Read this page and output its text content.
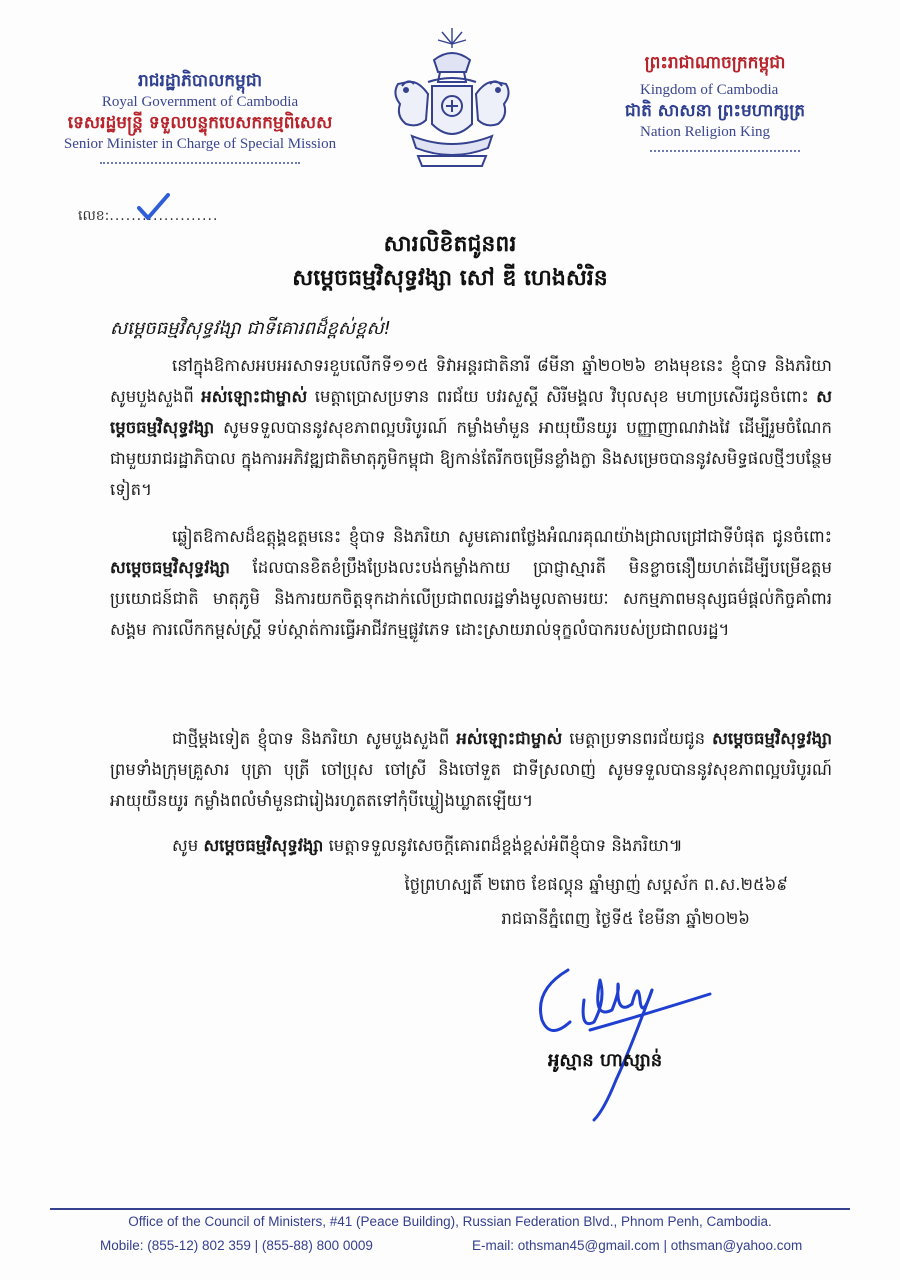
រាជរដ្ឋាភិបាលកម្ពុជា
Royal Government of Cambodia
ទេសរដ្ឋមន្ត្រី ទទួលបន្ទុកបេសកកម្មពិសេស
Senior Minister in Charge of Special Mission
ព្រះរាជាណាចក្រកម្ពុជា
Kingdom of Cambodia
ជាតិ សាសនា ព្រះមហាក្សត្រ
Nation Religion King
លេខ:....................
សារលិខិតជូនពរ
សម្តេចធម្មវិសុទ្ធវង្សា សៅ ឌី ហេងសំរិន
សម្តេចធម្មវិសុទ្ធវង្សា ជាទីគោរពដ៏ខ្ពស់ខ្ពស់!
នៅក្នុងឱកាសអបអរសាទរខួបលើកទី១១៥ ទិវាអន្តរជាតិនារី ៨មីនា ឆ្នាំ២០២៦ ខាងមុខនេះ ខ្ញុំបាទ និងភរិយា សូមបួងសួងពី អស់ឡោះជាម្ចាស់ មេត្តាប្រោសប្រទាន ពរជ័យ បវរសួស្តី សិរីមង្គល វិបុលសុខ មហាប្រសើរជូនចំពោះ សម្តេចធម្មវិសុទ្ធវង្សា សូមទទួលបាននូវសុខភាពល្អបរិបូរណ៍ កម្លាំងមាំមួន អាយុយឺនយូរ បញ្ញាញាណវាងវៃ ដើម្បីរួមចំណែកជាមួយរាជរដ្ឋាភិបាល ក្នុងការអភិវឌ្ឍជាតិមាតុភូមិកម្ពុជា ឱ្យកាន់តែរីកចម្រើនខ្លាំងក្លា និងសម្រេចបាននូវសមិទ្ធផលថ្មីៗបន្ថែមទៀត។
ឆ្លៀតឱកាសដ៏ឧត្តុង្គឧត្តមនេះ ខ្ញុំបាទ និងភរិយា សូមគោរពថ្លែងអំណរគុណយ៉ាងជ្រាលជ្រៅជាទីបំផុត ជូនចំពោះ សម្តេចធម្មវិសុទ្ធវង្សា ដែលបានខិតខំប្រឹងប្រែងលះបង់កម្លាំងកាយ ប្រាជ្ញាស្មារតី មិនខ្លាចនឿយហត់ដើម្បីបម្រើឧត្តមប្រយោជន៍ជាតិ មាតុភូមិ និងការយកចិត្តទុកដាក់លើប្រជាពលរដ្ឋទាំងមូលតាមរយៈ សកម្មភាពមនុស្សធម៌ផ្តល់កិច្ចគាំពារសង្គម ការលើកកម្ពស់ស្ត្រី ទប់ស្កាត់ការធ្វើអាជីវកម្មផ្លូវភេទ ដោះស្រាយរាល់ទុក្ខលំបាករបស់ប្រជាពលរដ្ឋ។
ជាថ្មីម្តងទៀត ខ្ញុំបាទ និងភរិយា សូមបួងសួងពី អស់ឡោះជាម្ចាស់ មេត្តាប្រទានពរជ័យជូន សម្តេចធម្មវិសុទ្ធវង្សា ព្រមទាំងក្រុមគ្រួសារ បុត្រា បុត្រី ចៅប្រុស ចៅស្រី និងចៅទួត ជាទីស្រលាញ់ សូមទទួលបាននូវសុខភាពល្អបរិបូរណ៍ អាយុយឺនយូរ កម្លាំងពលំមាំមួនជារៀងរហូតតទៅកុំបីឃ្លៀងឃ្លាតឡើយ។
សូម សម្តេចធម្មវិសុទ្ធវង្សា មេត្តាទទួលនូវសេចក្តីគោរពដ៏ខ្ពង់ខ្ពស់អំពីខ្ញុំបាទ និងភរិយា៕
ថ្ងៃព្រហស្បតិ៍ ២រោច ខែផល្គុន ឆ្នាំម្សាញ់ សប្តស័ក ព.ស.២៥៦៩
រាជធានីភ្នំពេញ ថ្ងៃទី៥ ខែមីនា ឆ្នាំ២០២៦
អូស្មាន ហាស្សាន់
Office of the Council of Ministers, #41 (Peace Building), Russian Federation Blvd., Phnom Penh, Cambodia.
Mobile: (855-12) 802 359 | (855-88) 800 0009	E-mail: othsman45@gmail.com | othsman@yahoo.com
